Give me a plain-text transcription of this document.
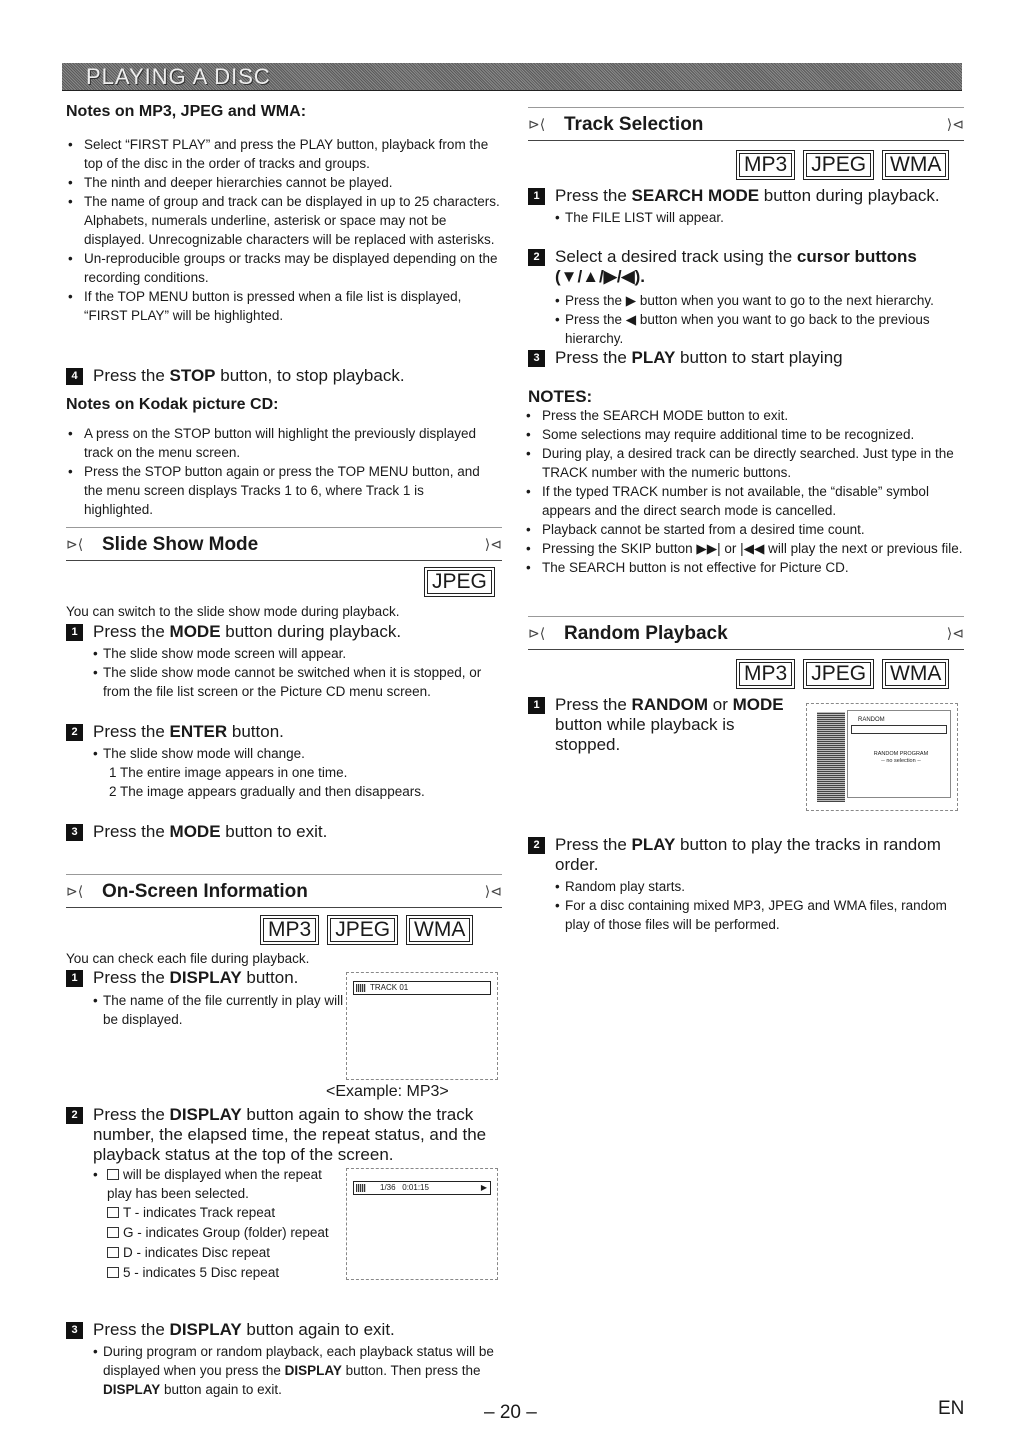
PLAYING A DISC
Notes on MP3, JPEG and WMA:
• Select “FIRST PLAY” and press the PLAY button, playback from the top of the disc in the order of tracks and groups.
• The ninth and deeper hierarchies cannot be played.
• The name of group and track can be displayed in up to 25 characters. Alphabets, numerals underline, asterisk or space may not be displayed. Unrecognizable characters will be replaced with asterisks.
• Un-reproducible groups or tracks may be displayed depending on the recording conditions.
• If the TOP MENU button is pressed when a file list is displayed, “FIRST PLAY” will be highlighted.
4 Press the STOP button, to stop playback.
Notes on Kodak picture CD:
• A press on the STOP button will highlight the previously displayed track on the menu screen.
• Press the STOP button again or press the TOP MENU button, and the menu screen displays Tracks 1 to 6, where Track 1 is highlighted.
⊳⟨ Slide Show Mode	⟩⊲
JPEG
You can switch to the slide show mode during playback.
1 Press the MODE button during playback.
• The slide show mode screen will appear.
• The slide show mode cannot be switched when it is stopped, or from the file list screen or the Picture CD menu screen.
2 Press the ENTER button.
• The slide show mode will change.
1 The entire image appears in one time.
2 The image appears gradually and then disappears.
3 Press the MODE button to exit.
⊳⟨ On-Screen Information	⟩⊲
MP3	JPEG	WMA
You can check each file during playback.
1 Press the DISPLAY button.
• The name of the file currently in play will be displayed.
TRACK 01
<Example: MP3>
2 Press the DISPLAY button again to show the track number, the elapsed time, the repeat status, and the playback status at the top of the screen.
• will be displayed when the repeat play has been selected.
T - indicates Track repeat
G - indicates Group (folder) repeat
D - indicates Disc repeat
5 - indicates 5 Disc repeat
1/36 0:01:15	▶
3 Press the DISPLAY button again to exit.
• During program or random playback, each playback status will be displayed when you press the DISPLAY button. Then press the DISPLAY button again to exit.
⊳⟨ Track Selection	⟩⊲
MP3	JPEG	WMA
1 Press the SEARCH MODE button during playback.
• The FILE LIST will appear.
2 Select a desired track using the cursor buttons
(▼/▲/▶/◀).
• Press the ▶ button when you want to go to the next hierarchy.
• Press the ◀ button when you want to go back to the previous hierarchy.
3 Press the PLAY button to start playing
NOTES:
• Press the SEARCH MODE button to exit.
• Some selections may require additional time to be recognized.
• During play, a desired track can be directly searched. Just type in the TRACK number with the numeric buttons.
• If the typed TRACK number is not available, the “disable” symbol appears and the direct search mode is cancelled.
• Playback cannot be started from a desired time count.
• Pressing the SKIP button ▶▶| or |◀◀ will play the next or previous file.
• The SEARCH button is not effective for Picture CD.
⊳⟨ Random Playback	⟩⊲
MP3	JPEG	WMA
1 Press the RANDOM or MODE
button while playback is stopped.
RANDOM
RANDOM PROGRAM
-- no selection --
2 Press the PLAY button to play the tracks in random order.
• Random play starts.
• For a disc containing mixed MP3, JPEG and WMA files, random play of those files will be performed.
– 20 –	EN
